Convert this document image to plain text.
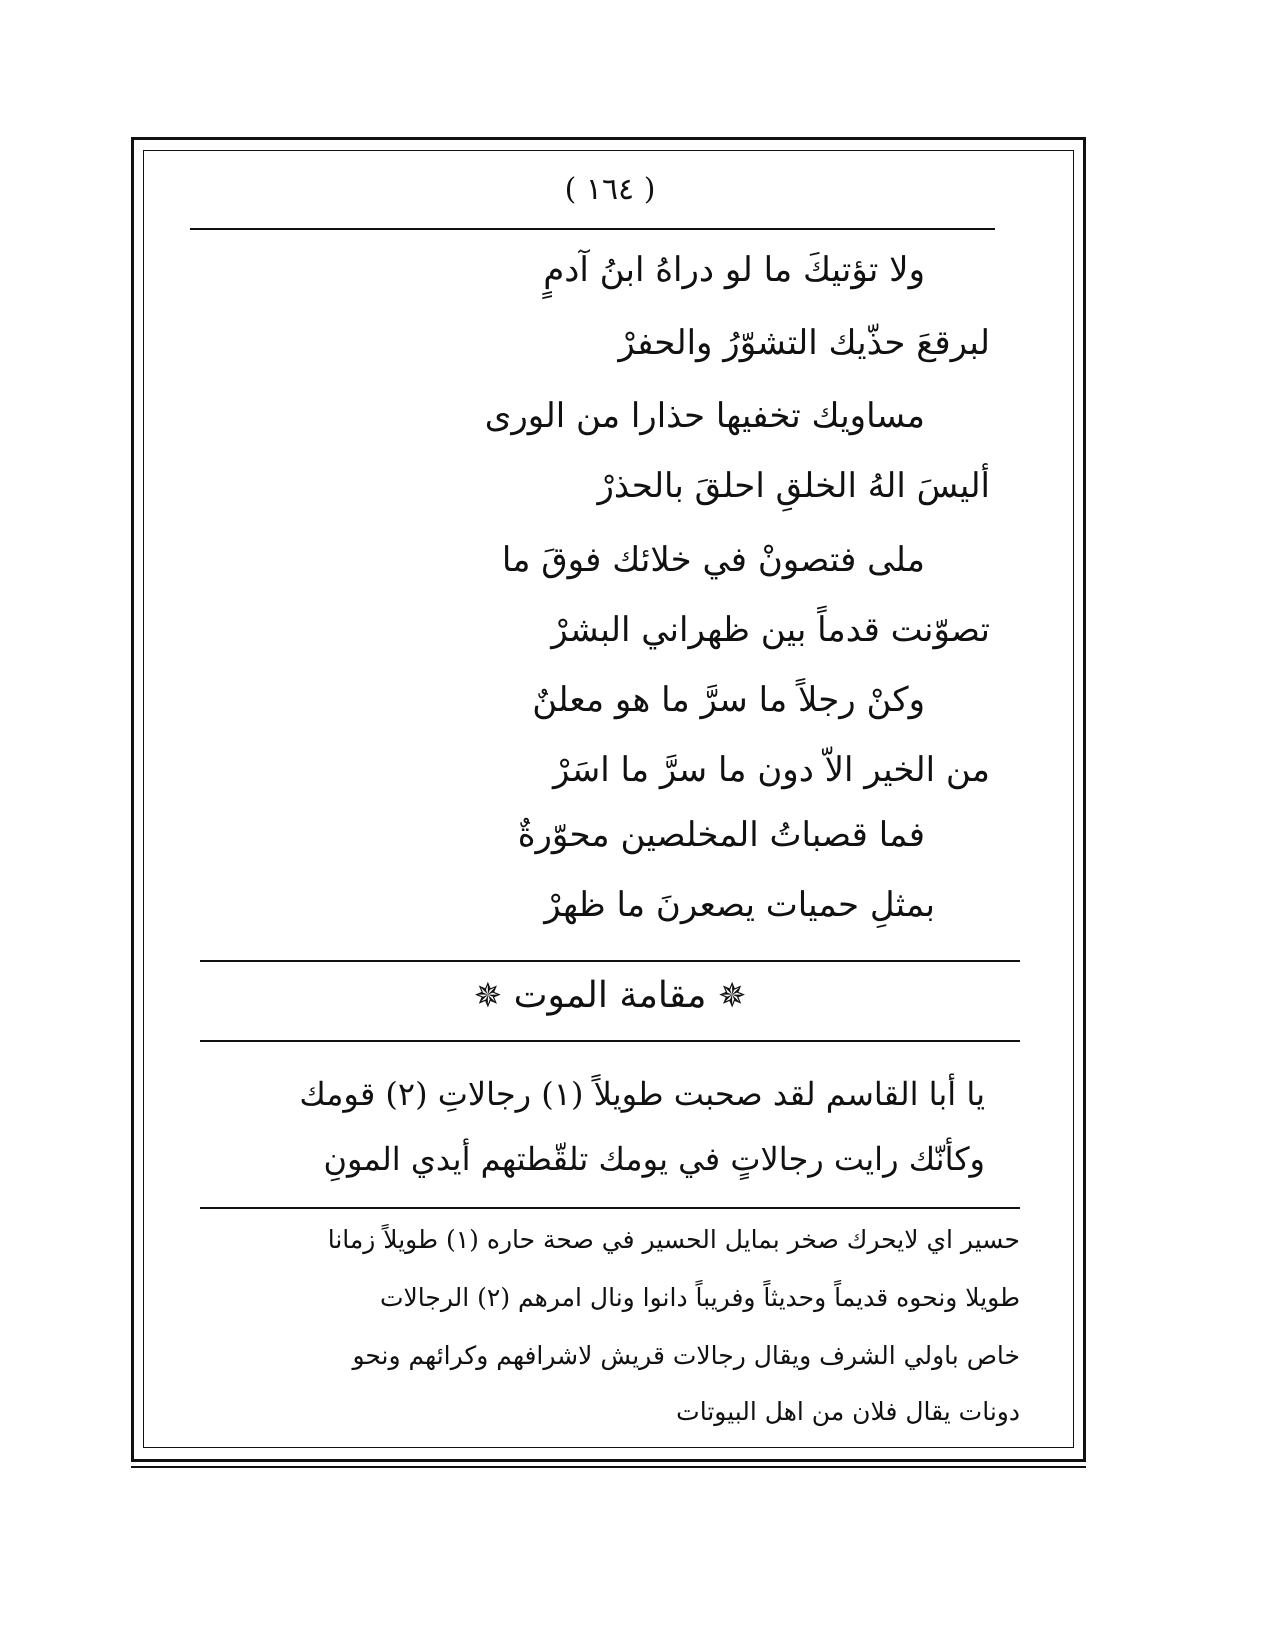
( ١٦٤ )
ولا تؤتيكَ ما لو دراهُ ابنُ آدمٍ
لبرقعَ حذّيك التشوّرُ والحفرْ
مساويك تخفيها حذارا من الورى
أليسَ الهُ الخلقِ احلقَ بالحذرْ
ملى فتصونْ في خلائك فوقَ ما
تصوّنت قدماً بين ظهراني البشرْ
وكنْ رجلاً ما سرَّ ما هو معلنٌ
من الخير الاّ دون ما سرَّ ما اسَرْ
فما قصباتُ المخلصين محوّرةٌ
بمثلِ حميات يصعرنَ ما ظهرْ
✵ مقامة الموت ✵
يا أبا القاسم لقد صحبت طويلاً (١) رجالاتِ (٢) قومك
وكأنّك رايت رجالاتٍ في يومك تلقّطتهم أيدي المونِ
حسير اي لايحرك صخر بمايل الحسير في صحة حاره (١) طويلاً زمانا
طويلا ونحوه قديماً وحديثاً وفريباً دانوا ونال امرهم (٢) الرجالات
خاص باولي الشرف ويقال رجالات قريش لاشرافهم وكرائهم ونحو
دونات يقال فلان من اهل البيوتات
